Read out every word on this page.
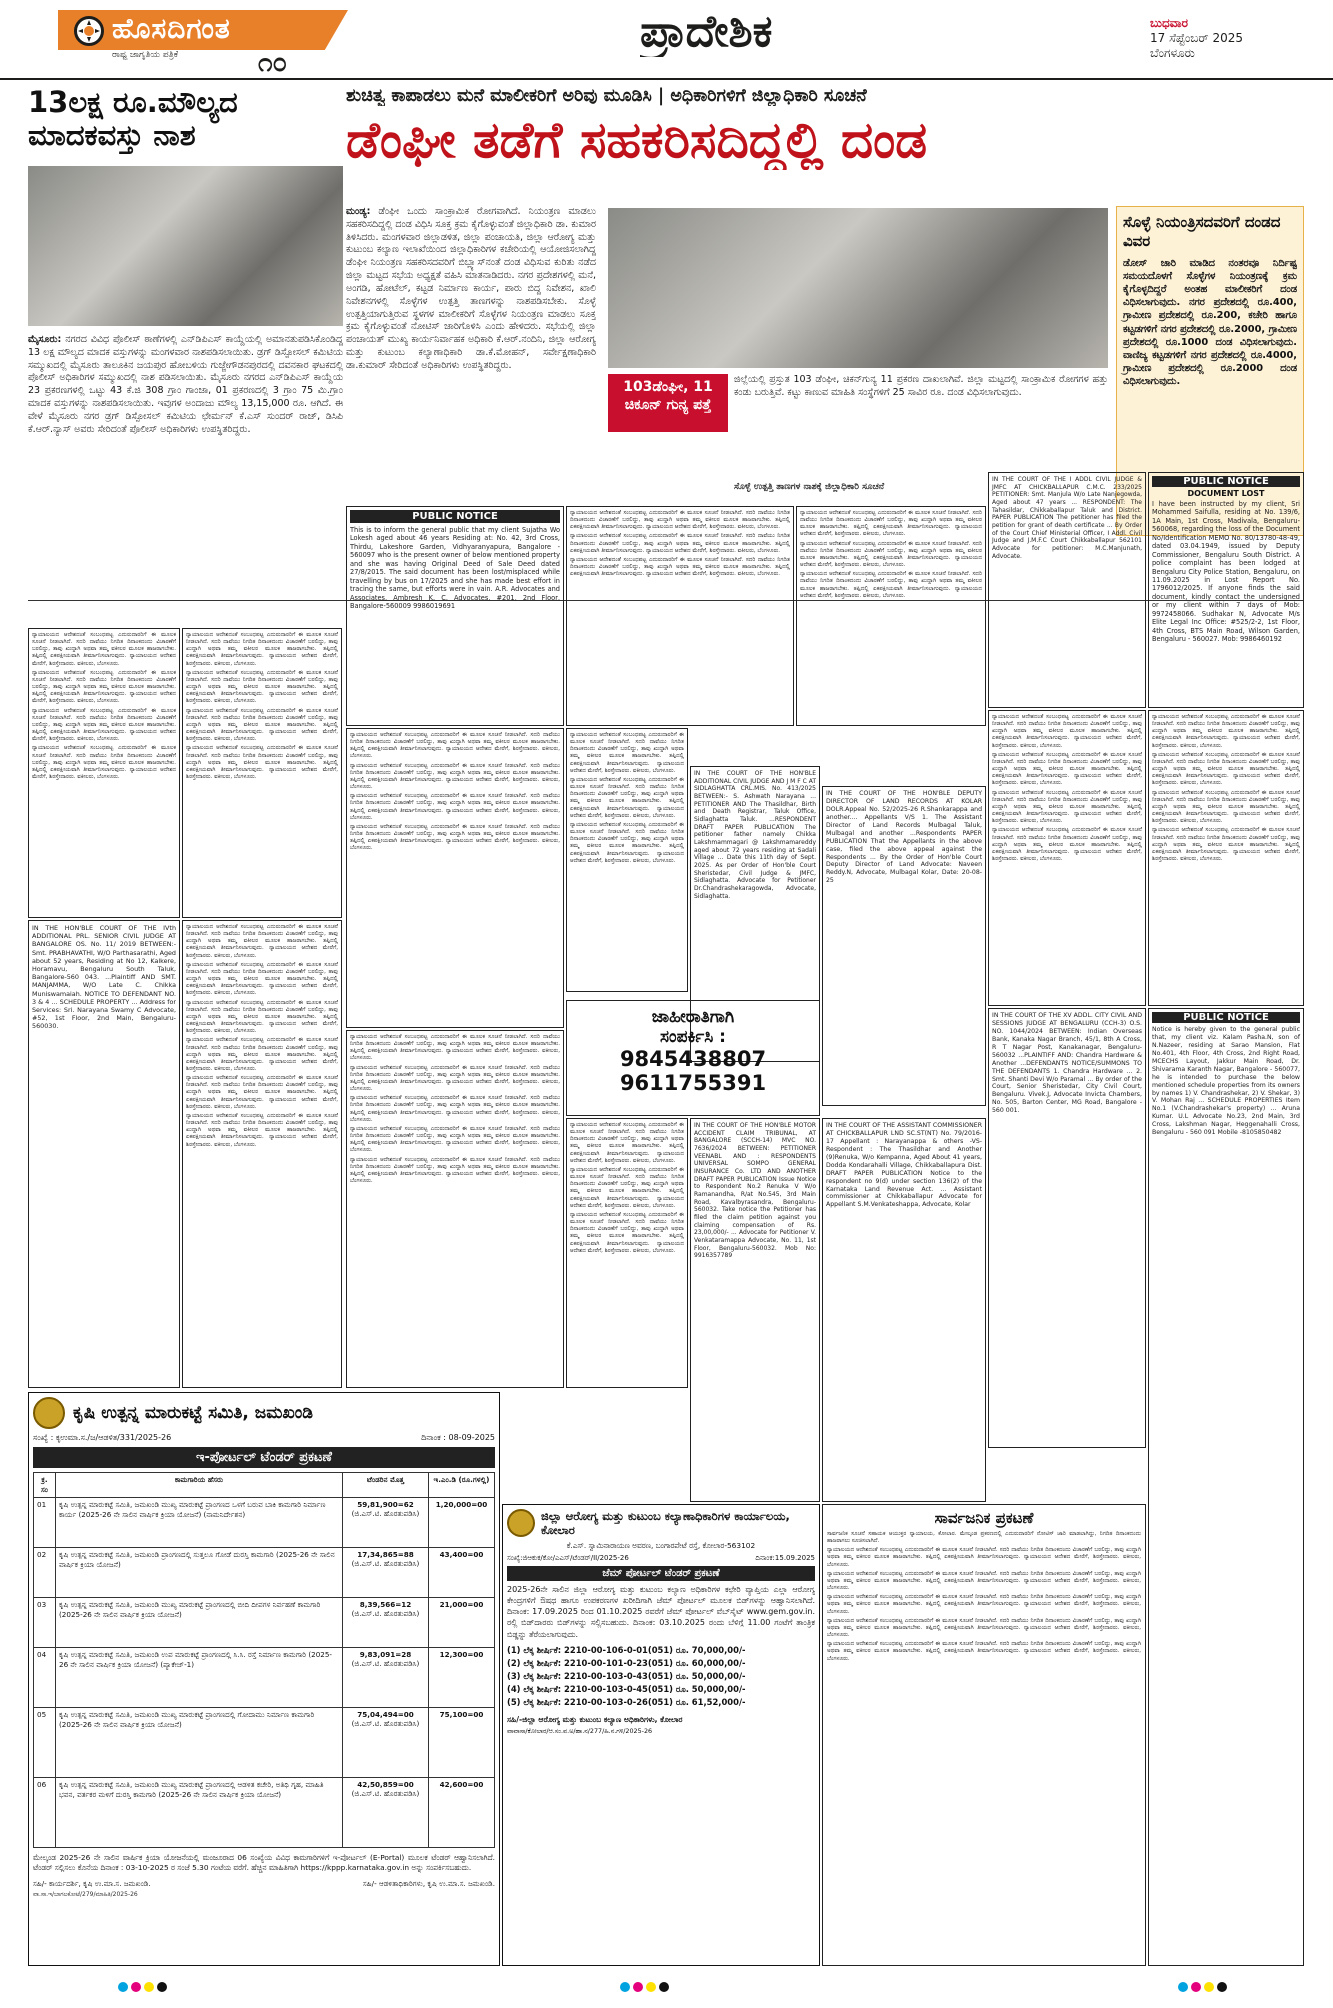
ಹೊಸದಿಗಂತ
ರಾಷ್ಟ್ರ ಜಾಗೃತಿಯ ಪತ್ರಿಕೆ	೧೦
ಪ್ರಾದೇಶಿಕ	ಬುಧವಾರ
17 ಸೆಪ್ಟೆಂಬರ್ 2025
ಬೆಂಗಳೂರು
13ಲಕ್ಷ ರೂ.ಮೌಲ್ಯದ ಮಾದಕವಸ್ತು ನಾಶ
ಮೈಸೂರು: ನಗರದ ವಿವಿಧ ಪೊಲೀಸ್ ಠಾಣೆಗಳಲ್ಲಿ ಎನ್‌ಡಿಪಿಎಸ್ ಕಾಯ್ದೆಯಲ್ಲಿ ಅಮಾನತುಪಡಿಸಿಕೊಂಡಿದ್ದ 13 ಲಕ್ಷ ಮೌಲ್ಯದ ಮಾದಕ ವಸ್ತುಗಳನ್ನು ಮಂಗಳವಾರ ನಾಶಪಡಿಸಲಾಯಿತು. ಡ್ರಗ್ ಡಿಸ್ಪೋಸಲ್ ಕಮಿಟಿಯ ಸಮ್ಮುಖದಲ್ಲಿ ಮೈಸೂರು ತಾಲೂಕಿನ ಜಯಪುರ ಹೋಬಳಿಯ ಗುಜ್ಜೇಗೌಡನಪುರದಲ್ಲಿ ದವನಕಾರ ಘಟಕದಲ್ಲಿ ಪೊಲೀಸ್ ಅಧಿಕಾರಿಗಳ ಸಮ್ಮುಖದಲ್ಲಿ ನಾಶ ಪಡಿಸಲಾಯಿತು. ಮೈಸೂರು ನಗರದ ಎನ್‌ಡಿಪಿಎಸ್ ಕಾಯ್ದೆಯ 23 ಪ್ರಕರಣಗಳಲ್ಲಿ ಒಟ್ಟು 43 ಕೆ.ಜಿ 308 ಗ್ರಾಂ ಗಾಂಜಾ, 01 ಪ್ರಕರಣದಲ್ಲಿ 3 ಗ್ರಾಂ 75 ಮಿ.ಗ್ರಾಂ ಮಾದಕ ವಸ್ತುಗಳನ್ನು ನಾಶಪಡಿಸಲಾಯಿತು. ಇವುಗಳ ಅಂದಾಜು ಮೌಲ್ಯ 13,15,000 ರೂ. ಆಗಿದೆ. ಈ ವೇಳೆ ಮೈಸೂರು ನಗರ ಡ್ರಗ್ ಡಿಸ್ಪೋಸಲ್ ಕಮಿಟಿಯ ಛೇರ್ಮನ್ ಕೆ.ಎಸ್ ಸುಂದರ್ ರಾಜ್, ಡಿಸಿಪಿ ಕೆ.ಆರ್.ನ್ಯಾಸ್ ಅವರು ಸೇರಿದಂತೆ ಪೊಲೀಸ್ ಅಧಿಕಾರಿಗಳು ಉಪಸ್ಥಿತರಿದ್ದರು.
ಶುಚಿತ್ವ ಕಾಪಾಡಲು ಮನೆ ಮಾಲೀಕರಿಗೆ ಅರಿವು ಮೂಡಿಸಿ | ಅಧಿಕಾರಿಗಳಿಗೆ ಜಿಲ್ಲಾಧಿಕಾರಿ ಸೂಚನೆ
ಡೆಂಘೀ ತಡೆಗೆ ಸಹಕರಿಸದಿದ್ದಲ್ಲಿ ದಂಡ
ಮಂಡ್ಯ: ಡೆಂಘೀ ಒಂದು ಸಾಂಕ್ರಾಮಿಕ ರೋಗವಾಗಿದೆ. ನಿಯಂತ್ರಣ ಮಾಡಲು ಸಹಕರಿಸದಿದ್ದಲ್ಲಿ ದಂಡ ವಿಧಿಸಿ ಸೂಕ್ತ ಕ್ರಮ ಕೈಗೊಳ್ಳುವಂತೆ ಜಿಲ್ಲಾಧಿಕಾರಿ ಡಾ. ಕುಮಾರ ತಿಳಿಸಿದರು. ಮಂಗಳವಾರ ಜಿಲ್ಲಾಡಳಿತ, ಜಿಲ್ಲಾ ಪಂಚಾಯತಿ, ಜಿಲ್ಲಾ ಆರೋಗ್ಯ ಮತ್ತು ಕುಟುಂಬ ಕಲ್ಯಾಣ ಇಲಾಖೆಯಿಂದ ಜಿಲ್ಲಾಧಿಕಾರಿಗಳ ಕಚೇರಿಯಲ್ಲಿ ಆಯೋಜಿಸಲಾಗಿದ್ದ ಡೆಂಘೀ ನಿಯಂತ್ರಣ ಸಹಕರಿಸದವರಿಗೆ ಬಿಬ್ಲ್ಯಾಸ್‌ನಂತೆ ದಂಡ ವಿಧಿಸುವ ಕುರಿತು ನಡೆದ ಜಿಲ್ಲಾ ಮಟ್ಟದ ಸಭೆಯ ಅಧ್ಯಕ್ಷತೆ ವಹಿಸಿ ಮಾತನಾಡಿದರು. ನಗರ ಪ್ರದೇಶಗಳಲ್ಲಿ ಮನೆ, ಅಂಗಡಿ, ಹೋಟೆಲ್, ಕಟ್ಟಡ ನಿರ್ಮಾಣ ಕಾರ್ಯ, ಪಾರು ಬಿದ್ದ ನಿವೇಶನ, ಖಾಲಿ ನಿವೇಶನಗಳಲ್ಲಿ ಸೊಳ್ಳೆಗಳ ಉತ್ಪತ್ತಿ ತಾಣಗಳನ್ನು ನಾಶಪಡಿಸಬೇಕು. ಸೊಳ್ಳೆ ಉತ್ಪತ್ತಿಯಾಗುತ್ತಿರುವ ಸ್ಥಳಗಳ ಮಾಲೀಕರಿಗೆ ಸೊಳ್ಳೆಗಳ ನಿಯಂತ್ರಣ ಮಾಡಲು ಸೂಕ್ತ ಕ್ರಮ ಕೈಗೊಳ್ಳುವಂತೆ ನೋಟಿಸ್ ಜಾರಿಗೊಳಿಸಿ ಎಂದು ಹೇಳಿದರು. ಸಭೆಯಲ್ಲಿ ಜಿಲ್ಲಾ ಪಂಚಾಯತ್ ಮುಖ್ಯ ಕಾರ್ಯನಿರ್ವಾಹಕ ಅಧಿಕಾರಿ ಕೆ.ಆರ್.ನಂದಿನಿ, ಜಿಲ್ಲಾ ಆರೋಗ್ಯ ಮತ್ತು ಕುಟುಂಬ ಕಲ್ಯಾಣಾಧಿಕಾರಿ ಡಾ.ಕೆ.ಮೋಹನ್, ಸರ್ವೇಕ್ಷಣಾಧಿಕಾರಿ ಡಾ.ಕುಮಾರ್ ಸೇರಿದಂತೆ ಅಧಿಕಾರಿಗಳು ಉಪಸ್ಥಿತರಿದ್ದರು.
103ಡೆಂಘೀ, 11 ಚಿಕೂನ್ ಗುನ್ಯ ಪತ್ತೆ
ಜಿಲ್ಲೆಯಲ್ಲಿ ಪ್ರಸ್ತುತ 103 ಡೆಂಘೀ, ಚಿಕನ್‌ಗುನ್ಯ 11 ಪ್ರಕರಣ ದಾಖಲಾಗಿವೆ. ಜಿಲ್ಲಾ ಮಟ್ಟದಲ್ಲಿ ಸಾಂಕ್ರಾಮಿಕ ರೋಗಗಳ ಹತ್ತು ಕಂಡು ಬರುತ್ತಿವೆ. ಕಟ್ಟು ಕಾಣುವ ಮಾಹಿತಿ ಸಂಸ್ಥೆಗಳಿಗೆ 25 ಸಾವಿರ ರೂ. ದಂಡ ವಿಧಿಸಲಾಗುವುದು.
ಸೊಳ್ಳೆ ಉತ್ಪತ್ತಿ ತಾಣಗಳ ನಾಶಕ್ಕೆ ಜಿಲ್ಲಾಧಿಕಾರಿ ಸೂಚನೆ
ಸೊಳ್ಳೆ ನಿಯಂತ್ರಿಸದವರಿಗೆ ದಂಡದ ವಿವರ
ಡೋಸ್ ಜಾರಿ ಮಾಡಿದ ನಂತರವೂ ನಿರ್ದಿಷ್ಟ ಸಮಯದೊಳಗೆ ಸೊಳ್ಳೆಗಳ ನಿಯಂತ್ರಣಕ್ಕೆ ಕ್ರಮ ಕೈಗೊಳ್ಳದಿದ್ದರೆ ಅಂತಹ ಮಾಲೀಕರಿಗೆ ದಂಡ ವಿಧಿಸಲಾಗುವುದು. ನಗರ ಪ್ರದೇಶದಲ್ಲಿ ರೂ.400, ಗ್ರಾಮೀಣ ಪ್ರದೇಶದಲ್ಲಿ ರೂ.200, ಕಚೇರಿ ಹಾಗೂ ಕಟ್ಟಡಗಳಿಗೆ ನಗರ ಪ್ರದೇಶದಲ್ಲಿ ರೂ.2000, ಗ್ರಾಮೀಣ ಪ್ರದೇಶದಲ್ಲಿ ರೂ.1000 ದಂಡ ವಿಧಿಸಲಾಗುವುದು. ವಾಣಿಜ್ಯ ಕಟ್ಟಡಗಳಿಗೆ ನಗರ ಪ್ರದೇಶದಲ್ಲಿ ರೂ.4000, ಗ್ರಾಮೀಣ ಪ್ರದೇಶದಲ್ಲಿ ರೂ.2000 ದಂಡ ವಿಧಿಸಲಾಗುವುದು.
PUBLIC NOTICE
This is to inform the general public that my client Sujatha Wo Lokesh aged about 46 years Residing at: No. 42, 3rd Cross, Thirdu, Lakeshore Garden, Vidhyaranyapura, Bangalore - 560097 who is the present owner of below mentioned property and she was having Original Deed of Sale Deed dated 27/8/2015. The said document has been lost/misplaced while travelling by bus on 17/2025 and she has made best effort in tracing the same, but efforts were in vain. A.R. Advocates and Associates, Ambresh K. C. Advocates, #201, 2nd Floor, Bangalore-560009 9986019691

ನ್ಯಾಯಾಲಯದ ಆದೇಶದಂತೆ ಸಂಬಂಧಪಟ್ಟ ಎದುರುದಾರರಿಗೆ ಈ ಮೂಲಕ ಸೂಚನೆ ನೀಡಲಾಗಿದೆ. ಸದರಿ ದಾವೆಯು ನಿಗದಿತ ದಿನಾಂಕದಂದು ವಿಚಾರಣೆಗೆ ಬರಲಿದ್ದು, ತಾವು ಖುದ್ದಾಗಿ ಅಥವಾ ತಮ್ಮ ವಕೀಲರ ಮೂಲಕ ಹಾಜರಾಗಬೇಕು. ತಪ್ಪಿದಲ್ಲಿ ಏಕಪಕ್ಷೀಯವಾಗಿ ತೀರ್ಮಾನಿಸಲಾಗುವುದು. ನ್ಯಾಯಾಲಯದ ಆದೇಶದ ಮೇರೆಗೆ, ಶಿರಸ್ತೇದಾರರು. ವಕೀಲರು, ಬೆಂಗಳೂರು.

ನ್ಯಾಯಾಲಯದ ಆದೇಶದಂತೆ ಸಂಬಂಧಪಟ್ಟ ಎದುರುದಾರರಿಗೆ ಈ ಮೂಲಕ ಸೂಚನೆ ನೀಡಲಾಗಿದೆ. ಸದರಿ ದಾವೆಯು ನಿಗದಿತ ದಿನಾಂಕದಂದು ವಿಚಾರಣೆಗೆ ಬರಲಿದ್ದು, ತಾವು ಖುದ್ದಾಗಿ ಅಥವಾ ತಮ್ಮ ವಕೀಲರ ಮೂಲಕ ಹಾಜರಾಗಬೇಕು. ತಪ್ಪಿದಲ್ಲಿ ಏಕಪಕ್ಷೀಯವಾಗಿ ತೀರ್ಮಾನಿಸಲಾಗುವುದು. ನ್ಯಾಯಾಲಯದ ಆದೇಶದ ಮೇರೆಗೆ, ಶಿರಸ್ತೇದಾರರು. ವಕೀಲರು, ಬೆಂಗಳೂರು.

ನ್ಯಾಯಾಲಯದ ಆದೇಶದಂತೆ ಸಂಬಂಧಪಟ್ಟ ಎದುರುದಾರರಿಗೆ ಈ ಮೂಲಕ ಸೂಚನೆ ನೀಡಲಾಗಿದೆ. ಸದರಿ ದಾವೆಯು ನಿಗದಿತ ದಿನಾಂಕದಂದು ವಿಚಾರಣೆಗೆ ಬರಲಿದ್ದು, ತಾವು ಖುದ್ದಾಗಿ ಅಥವಾ ತಮ್ಮ ವಕೀಲರ ಮೂಲಕ ಹಾಜರಾಗಬೇಕು. ತಪ್ಪಿದಲ್ಲಿ ಏಕಪಕ್ಷೀಯವಾಗಿ ತೀರ್ಮಾನಿಸಲಾಗುವುದು. ನ್ಯಾಯಾಲಯದ ಆದೇಶದ ಮೇರೆಗೆ, ಶಿರಸ್ತೇದಾರರು. ವಕೀಲರು, ಬೆಂಗಳೂರು.

ನ್ಯಾಯಾಲಯದ ಆದೇಶದಂತೆ ಸಂಬಂಧಪಟ್ಟ ಎದುರುದಾರರಿಗೆ ಈ ಮೂಲಕ ಸೂಚನೆ ನೀಡಲಾಗಿದೆ. ಸದರಿ ದಾವೆಯು ನಿಗದಿತ ದಿನಾಂಕದಂದು ವಿಚಾರಣೆಗೆ ಬರಲಿದ್ದು, ತಾವು ಖುದ್ದಾಗಿ ಅಥವಾ ತಮ್ಮ ವಕೀಲರ ಮೂಲಕ ಹಾಜರಾಗಬೇಕು. ತಪ್ಪಿದಲ್ಲಿ ಏಕಪಕ್ಷೀಯವಾಗಿ ತೀರ್ಮಾನಿಸಲಾಗುವುದು. ನ್ಯಾಯಾಲಯದ ಆದೇಶದ ಮೇರೆಗೆ, ಶಿರಸ್ತೇದಾರರು. ವಕೀಲರು, ಬೆಂಗಳೂರು.

ನ್ಯಾಯಾಲಯದ ಆದೇಶದಂತೆ ಸಂಬಂಧಪಟ್ಟ ಎದುರುದಾರರಿಗೆ ಈ ಮೂಲಕ ಸೂಚನೆ ನೀಡಲಾಗಿದೆ. ಸದರಿ ದಾವೆಯು ನಿಗದಿತ ದಿನಾಂಕದಂದು ವಿಚಾರಣೆಗೆ ಬರಲಿದ್ದು, ತಾವು ಖುದ್ದಾಗಿ ಅಥವಾ ತಮ್ಮ ವಕೀಲರ ಮೂಲಕ ಹಾಜರಾಗಬೇಕು. ತಪ್ಪಿದಲ್ಲಿ ಏಕಪಕ್ಷೀಯವಾಗಿ ತೀರ್ಮಾನಿಸಲಾಗುವುದು. ನ್ಯಾಯಾಲಯದ ಆದೇಶದ ಮೇರೆಗೆ, ಶಿರಸ್ತೇದಾರರು. ವಕೀಲರು, ಬೆಂಗಳೂರು.

ನ್ಯಾಯಾಲಯದ ಆದೇಶದಂತೆ ಸಂಬಂಧಪಟ್ಟ ಎದುರುದಾರರಿಗೆ ಈ ಮೂಲಕ ಸೂಚನೆ ನೀಡಲಾಗಿದೆ. ಸದರಿ ದಾವೆಯು ನಿಗದಿತ ದಿನಾಂಕದಂದು ವಿಚಾರಣೆಗೆ ಬರಲಿದ್ದು, ತಾವು ಖುದ್ದಾಗಿ ಅಥವಾ ತಮ್ಮ ವಕೀಲರ ಮೂಲಕ ಹಾಜರಾಗಬೇಕು. ತಪ್ಪಿದಲ್ಲಿ ಏಕಪಕ್ಷೀಯವಾಗಿ ತೀರ್ಮಾನಿಸಲಾಗುವುದು. ನ್ಯಾಯಾಲಯದ ಆದೇಶದ ಮೇರೆಗೆ, ಶಿರಸ್ತೇದಾರರು. ವಕೀಲರು, ಬೆಂಗಳೂರು.

IN THE COURT OF THE I ADDL CIVIL JUDGE & JMFC AT CHICKBALLAPUR C.M.C. 233/2025 PETITIONER: Smt. Manjula W/o Late Nanjegowda, Aged about 47 years ... RESPONDENT: The Tahasildar, Chikkaballapur Taluk and District. PAPER PUBLICATION The petitioner has filed the petition for grant of death certificate ... By Order of the Court Chief Ministerial Officer, I Addl. Civil Judge and J.M.F.C Court Chikkaballapur 562101 Advocate for petitioner: M.C.Manjunath, Advocate.
PUBLIC NOTICE
DOCUMENT LOST
I have been instructed by my client, Sri Mohammed Saifulla, residing at No. 139/6, 1A Main, 1st Cross, Madivala, Bengaluru-560068, regarding the loss of the Document No/Identification MEMO No. 80/13780-48-49, dated 03.04.1949, issued by Deputy Commissioner, Bengaluru South District. A police complaint has been lodged at Bengaluru City Police Station, Bengaluru, on 11.09.2025 in Lost Report No. 1796012/2025. If anyone finds the said document, kindly contact the undersigned or my client within 7 days of Mob: 9972458066. Sudhakar N, Advocate M/s Elite Legal Inc Office: #525/2-2, 1st Floor, 4th Cross, BTS Main Road, Wilson Garden, Bengaluru - 560027. Mob: 9986460192

ನ್ಯಾಯಾಲಯದ ಆದೇಶದಂತೆ ಸಂಬಂಧಪಟ್ಟ ಎದುರುದಾರರಿಗೆ ಈ ಮೂಲಕ ಸೂಚನೆ ನೀಡಲಾಗಿದೆ. ಸದರಿ ದಾವೆಯು ನಿಗದಿತ ದಿನಾಂಕದಂದು ವಿಚಾರಣೆಗೆ ಬರಲಿದ್ದು, ತಾವು ಖುದ್ದಾಗಿ ಅಥವಾ ತಮ್ಮ ವಕೀಲರ ಮೂಲಕ ಹಾಜರಾಗಬೇಕು. ತಪ್ಪಿದಲ್ಲಿ ಏಕಪಕ್ಷೀಯವಾಗಿ ತೀರ್ಮಾನಿಸಲಾಗುವುದು. ನ್ಯಾಯಾಲಯದ ಆದೇಶದ ಮೇರೆಗೆ, ಶಿರಸ್ತೇದಾರರು. ವಕೀಲರು, ಬೆಂಗಳೂರು.

ನ್ಯಾಯಾಲಯದ ಆದೇಶದಂತೆ ಸಂಬಂಧಪಟ್ಟ ಎದುರುದಾರರಿಗೆ ಈ ಮೂಲಕ ಸೂಚನೆ ನೀಡಲಾಗಿದೆ. ಸದರಿ ದಾವೆಯು ನಿಗದಿತ ದಿನಾಂಕದಂದು ವಿಚಾರಣೆಗೆ ಬರಲಿದ್ದು, ತಾವು ಖುದ್ದಾಗಿ ಅಥವಾ ತಮ್ಮ ವಕೀಲರ ಮೂಲಕ ಹಾಜರಾಗಬೇಕು. ತಪ್ಪಿದಲ್ಲಿ ಏಕಪಕ್ಷೀಯವಾಗಿ ತೀರ್ಮಾನಿಸಲಾಗುವುದು. ನ್ಯಾಯಾಲಯದ ಆದೇಶದ ಮೇರೆಗೆ, ಶಿರಸ್ತೇದಾರರು. ವಕೀಲರು, ಬೆಂಗಳೂರು.

ನ್ಯಾಯಾಲಯದ ಆದೇಶದಂತೆ ಸಂಬಂಧಪಟ್ಟ ಎದುರುದಾರರಿಗೆ ಈ ಮೂಲಕ ಸೂಚನೆ ನೀಡಲಾಗಿದೆ. ಸದರಿ ದಾವೆಯು ನಿಗದಿತ ದಿನಾಂಕದಂದು ವಿಚಾರಣೆಗೆ ಬರಲಿದ್ದು, ತಾವು ಖುದ್ದಾಗಿ ಅಥವಾ ತಮ್ಮ ವಕೀಲರ ಮೂಲಕ ಹಾಜರಾಗಬೇಕು. ತಪ್ಪಿದಲ್ಲಿ ಏಕಪಕ್ಷೀಯವಾಗಿ ತೀರ್ಮಾನಿಸಲಾಗುವುದು. ನ್ಯಾಯಾಲಯದ ಆದೇಶದ ಮೇರೆಗೆ, ಶಿರಸ್ತೇದಾರರು. ವಕೀಲರು, ಬೆಂಗಳೂರು.

ನ್ಯಾಯಾಲಯದ ಆದೇಶದಂತೆ ಸಂಬಂಧಪಟ್ಟ ಎದುರುದಾರರಿಗೆ ಈ ಮೂಲಕ ಸೂಚನೆ ನೀಡಲಾಗಿದೆ. ಸದರಿ ದಾವೆಯು ನಿಗದಿತ ದಿನಾಂಕದಂದು ವಿಚಾರಣೆಗೆ ಬರಲಿದ್ದು, ತಾವು ಖುದ್ದಾಗಿ ಅಥವಾ ತಮ್ಮ ವಕೀಲರ ಮೂಲಕ ಹಾಜರಾಗಬೇಕು. ತಪ್ಪಿದಲ್ಲಿ ಏಕಪಕ್ಷೀಯವಾಗಿ ತೀರ್ಮಾನಿಸಲಾಗುವುದು. ನ್ಯಾಯಾಲಯದ ಆದೇಶದ ಮೇರೆಗೆ, ಶಿರಸ್ತೇದಾರರು. ವಕೀಲರು, ಬೆಂಗಳೂರು.

ನ್ಯಾಯಾಲಯದ ಆದೇಶದಂತೆ ಸಂಬಂಧಪಟ್ಟ ಎದುರುದಾರರಿಗೆ ಈ ಮೂಲಕ ಸೂಚನೆ ನೀಡಲಾಗಿದೆ. ಸದರಿ ದಾವೆಯು ನಿಗದಿತ ದಿನಾಂಕದಂದು ವಿಚಾರಣೆಗೆ ಬರಲಿದ್ದು, ತಾವು ಖುದ್ದಾಗಿ ಅಥವಾ ತಮ್ಮ ವಕೀಲರ ಮೂಲಕ ಹಾಜರಾಗಬೇಕು. ತಪ್ಪಿದಲ್ಲಿ ಏಕಪಕ್ಷೀಯವಾಗಿ ತೀರ್ಮಾನಿಸಲಾಗುವುದು. ನ್ಯಾಯಾಲಯದ ಆದೇಶದ ಮೇರೆಗೆ, ಶಿರಸ್ತೇದಾರರು. ವಕೀಲರು, ಬೆಂಗಳೂರು.

ನ್ಯಾಯಾಲಯದ ಆದೇಶದಂತೆ ಸಂಬಂಧಪಟ್ಟ ಎದುರುದಾರರಿಗೆ ಈ ಮೂಲಕ ಸೂಚನೆ ನೀಡಲಾಗಿದೆ. ಸದರಿ ದಾವೆಯು ನಿಗದಿತ ದಿನಾಂಕದಂದು ವಿಚಾರಣೆಗೆ ಬರಲಿದ್ದು, ತಾವು ಖುದ್ದಾಗಿ ಅಥವಾ ತಮ್ಮ ವಕೀಲರ ಮೂಲಕ ಹಾಜರಾಗಬೇಕು. ತಪ್ಪಿದಲ್ಲಿ ಏಕಪಕ್ಷೀಯವಾಗಿ ತೀರ್ಮಾನಿಸಲಾಗುವುದು. ನ್ಯಾಯಾಲಯದ ಆದೇಶದ ಮೇರೆಗೆ, ಶಿರಸ್ತೇದಾರರು. ವಕೀಲರು, ಬೆಂಗಳೂರು.

ನ್ಯಾಯಾಲಯದ ಆದೇಶದಂತೆ ಸಂಬಂಧಪಟ್ಟ ಎದುರುದಾರರಿಗೆ ಈ ಮೂಲಕ ಸೂಚನೆ ನೀಡಲಾಗಿದೆ. ಸದರಿ ದಾವೆಯು ನಿಗದಿತ ದಿನಾಂಕದಂದು ವಿಚಾರಣೆಗೆ ಬರಲಿದ್ದು, ತಾವು ಖುದ್ದಾಗಿ ಅಥವಾ ತಮ್ಮ ವಕೀಲರ ಮೂಲಕ ಹಾಜರಾಗಬೇಕು. ತಪ್ಪಿದಲ್ಲಿ ಏಕಪಕ್ಷೀಯವಾಗಿ ತೀರ್ಮಾನಿಸಲಾಗುವುದು. ನ್ಯಾಯಾಲಯದ ಆದೇಶದ ಮೇರೆಗೆ, ಶಿರಸ್ತೇದಾರರು. ವಕೀಲರು, ಬೆಂಗಳೂರು.

ನ್ಯಾಯಾಲಯದ ಆದೇಶದಂತೆ ಸಂಬಂಧಪಟ್ಟ ಎದುರುದಾರರಿಗೆ ಈ ಮೂಲಕ ಸೂಚನೆ ನೀಡಲಾಗಿದೆ. ಸದರಿ ದಾವೆಯು ನಿಗದಿತ ದಿನಾಂಕದಂದು ವಿಚಾರಣೆಗೆ ಬರಲಿದ್ದು, ತಾವು ಖುದ್ದಾಗಿ ಅಥವಾ ತಮ್ಮ ವಕೀಲರ ಮೂಲಕ ಹಾಜರಾಗಬೇಕು. ತಪ್ಪಿದಲ್ಲಿ ಏಕಪಕ್ಷೀಯವಾಗಿ ತೀರ್ಮಾನಿಸಲಾಗುವುದು. ನ್ಯಾಯಾಲಯದ ಆದೇಶದ ಮೇರೆಗೆ, ಶಿರಸ್ತೇದಾರರು. ವಕೀಲರು, ಬೆಂಗಳೂರು.

IN THE HON'BLE COURT OF THE IVth ADDITIONAL PRL. SENIOR CIVIL JUDGE AT BANGALORE OS. No. 11/ 2019 BETWEEN:- Smt. PRABHAVATHI, W/O Parthasarathi, Aged about 52 years, Residing at No 12, Kalkere, Horamavu, Bengaluru South Taluk, Bangalore-560 043. ...Plaintiff AND SMT. MANJAMMA, W/O Late C. Chikka Muniswamaiah. NOTICE TO DEFENDANT NO. 3 & 4 ... SCHEDULE PROPERTY ... Address for Services: Sri. Narayana Swamy C Advocate, #52, 1st Floor, 2nd Main, Bengaluru-560030.

ನ್ಯಾಯಾಲಯದ ಆದೇಶದಂತೆ ಸಂಬಂಧಪಟ್ಟ ಎದುರುದಾರರಿಗೆ ಈ ಮೂಲಕ ಸೂಚನೆ ನೀಡಲಾಗಿದೆ. ಸದರಿ ದಾವೆಯು ನಿಗದಿತ ದಿನಾಂಕದಂದು ವಿಚಾರಣೆಗೆ ಬರಲಿದ್ದು, ತಾವು ಖುದ್ದಾಗಿ ಅಥವಾ ತಮ್ಮ ವಕೀಲರ ಮೂಲಕ ಹಾಜರಾಗಬೇಕು. ತಪ್ಪಿದಲ್ಲಿ ಏಕಪಕ್ಷೀಯವಾಗಿ ತೀರ್ಮಾನಿಸಲಾಗುವುದು. ನ್ಯಾಯಾಲಯದ ಆದೇಶದ ಮೇರೆಗೆ, ಶಿರಸ್ತೇದಾರರು. ವಕೀಲರು, ಬೆಂಗಳೂರು.

ನ್ಯಾಯಾಲಯದ ಆದೇಶದಂತೆ ಸಂಬಂಧಪಟ್ಟ ಎದುರುದಾರರಿಗೆ ಈ ಮೂಲಕ ಸೂಚನೆ ನೀಡಲಾಗಿದೆ. ಸದರಿ ದಾವೆಯು ನಿಗದಿತ ದಿನಾಂಕದಂದು ವಿಚಾರಣೆಗೆ ಬರಲಿದ್ದು, ತಾವು ಖುದ್ದಾಗಿ ಅಥವಾ ತಮ್ಮ ವಕೀಲರ ಮೂಲಕ ಹಾಜರಾಗಬೇಕು. ತಪ್ಪಿದಲ್ಲಿ ಏಕಪಕ್ಷೀಯವಾಗಿ ತೀರ್ಮಾನಿಸಲಾಗುವುದು. ನ್ಯಾಯಾಲಯದ ಆದೇಶದ ಮೇರೆಗೆ, ಶಿರಸ್ತೇದಾರರು. ವಕೀಲರು, ಬೆಂಗಳೂರು.

ನ್ಯಾಯಾಲಯದ ಆದೇಶದಂತೆ ಸಂಬಂಧಪಟ್ಟ ಎದುರುದಾರರಿಗೆ ಈ ಮೂಲಕ ಸೂಚನೆ ನೀಡಲಾಗಿದೆ. ಸದರಿ ದಾವೆಯು ನಿಗದಿತ ದಿನಾಂಕದಂದು ವಿಚಾರಣೆಗೆ ಬರಲಿದ್ದು, ತಾವು ಖುದ್ದಾಗಿ ಅಥವಾ ತಮ್ಮ ವಕೀಲರ ಮೂಲಕ ಹಾಜರಾಗಬೇಕು. ತಪ್ಪಿದಲ್ಲಿ ಏಕಪಕ್ಷೀಯವಾಗಿ ತೀರ್ಮಾನಿಸಲಾಗುವುದು. ನ್ಯಾಯಾಲಯದ ಆದೇಶದ ಮೇರೆಗೆ, ಶಿರಸ್ತೇದಾರರು. ವಕೀಲರು, ಬೆಂಗಳೂರು.

ನ್ಯಾಯಾಲಯದ ಆದೇಶದಂತೆ ಸಂಬಂಧಪಟ್ಟ ಎದುರುದಾರರಿಗೆ ಈ ಮೂಲಕ ಸೂಚನೆ ನೀಡಲಾಗಿದೆ. ಸದರಿ ದಾವೆಯು ನಿಗದಿತ ದಿನಾಂಕದಂದು ವಿಚಾರಣೆಗೆ ಬರಲಿದ್ದು, ತಾವು ಖುದ್ದಾಗಿ ಅಥವಾ ತಮ್ಮ ವಕೀಲರ ಮೂಲಕ ಹಾಜರಾಗಬೇಕು. ತಪ್ಪಿದಲ್ಲಿ ಏಕಪಕ್ಷೀಯವಾಗಿ ತೀರ್ಮಾನಿಸಲಾಗುವುದು. ನ್ಯಾಯಾಲಯದ ಆದೇಶದ ಮೇರೆಗೆ, ಶಿರಸ್ತೇದಾರರು. ವಕೀಲರು, ಬೆಂಗಳೂರು.

ನ್ಯಾಯಾಲಯದ ಆದೇಶದಂತೆ ಸಂಬಂಧಪಟ್ಟ ಎದುರುದಾರರಿಗೆ ಈ ಮೂಲಕ ಸೂಚನೆ ನೀಡಲಾಗಿದೆ. ಸದರಿ ದಾವೆಯು ನಿಗದಿತ ದಿನಾಂಕದಂದು ವಿಚಾರಣೆಗೆ ಬರಲಿದ್ದು, ತಾವು ಖುದ್ದಾಗಿ ಅಥವಾ ತಮ್ಮ ವಕೀಲರ ಮೂಲಕ ಹಾಜರಾಗಬೇಕು. ತಪ್ಪಿದಲ್ಲಿ ಏಕಪಕ್ಷೀಯವಾಗಿ ತೀರ್ಮಾನಿಸಲಾಗುವುದು. ನ್ಯಾಯಾಲಯದ ಆದೇಶದ ಮೇರೆಗೆ, ಶಿರಸ್ತೇದಾರರು. ವಕೀಲರು, ಬೆಂಗಳೂರು.

ನ್ಯಾಯಾಲಯದ ಆದೇಶದಂತೆ ಸಂಬಂಧಪಟ್ಟ ಎದುರುದಾರರಿಗೆ ಈ ಮೂಲಕ ಸೂಚನೆ ನೀಡಲಾಗಿದೆ. ಸದರಿ ದಾವೆಯು ನಿಗದಿತ ದಿನಾಂಕದಂದು ವಿಚಾರಣೆಗೆ ಬರಲಿದ್ದು, ತಾವು ಖುದ್ದಾಗಿ ಅಥವಾ ತಮ್ಮ ವಕೀಲರ ಮೂಲಕ ಹಾಜರಾಗಬೇಕು. ತಪ್ಪಿದಲ್ಲಿ ಏಕಪಕ್ಷೀಯವಾಗಿ ತೀರ್ಮಾನಿಸಲಾಗುವುದು. ನ್ಯಾಯಾಲಯದ ಆದೇಶದ ಮೇರೆಗೆ, ಶಿರಸ್ತೇದಾರರು. ವಕೀಲರು, ಬೆಂಗಳೂರು.

ನ್ಯಾಯಾಲಯದ ಆದೇಶದಂತೆ ಸಂಬಂಧಪಟ್ಟ ಎದುರುದಾರರಿಗೆ ಈ ಮೂಲಕ ಸೂಚನೆ ನೀಡಲಾಗಿದೆ. ಸದರಿ ದಾವೆಯು ನಿಗದಿತ ದಿನಾಂಕದಂದು ವಿಚಾರಣೆಗೆ ಬರಲಿದ್ದು, ತಾವು ಖುದ್ದಾಗಿ ಅಥವಾ ತಮ್ಮ ವಕೀಲರ ಮೂಲಕ ಹಾಜರಾಗಬೇಕು. ತಪ್ಪಿದಲ್ಲಿ ಏಕಪಕ್ಷೀಯವಾಗಿ ತೀರ್ಮಾನಿಸಲಾಗುವುದು. ನ್ಯಾಯಾಲಯದ ಆದೇಶದ ಮೇರೆಗೆ, ಶಿರಸ್ತೇದಾರರು. ವಕೀಲರು, ಬೆಂಗಳೂರು.

ನ್ಯಾಯಾಲಯದ ಆದೇಶದಂತೆ ಸಂಬಂಧಪಟ್ಟ ಎದುರುದಾರರಿಗೆ ಈ ಮೂಲಕ ಸೂಚನೆ ನೀಡಲಾಗಿದೆ. ಸದರಿ ದಾವೆಯು ನಿಗದಿತ ದಿನಾಂಕದಂದು ವಿಚಾರಣೆಗೆ ಬರಲಿದ್ದು, ತಾವು ಖುದ್ದಾಗಿ ಅಥವಾ ತಮ್ಮ ವಕೀಲರ ಮೂಲಕ ಹಾಜರಾಗಬೇಕು. ತಪ್ಪಿದಲ್ಲಿ ಏಕಪಕ್ಷೀಯವಾಗಿ ತೀರ್ಮಾನಿಸಲಾಗುವುದು. ನ್ಯಾಯಾಲಯದ ಆದೇಶದ ಮೇರೆಗೆ, ಶಿರಸ್ತೇದಾರರು. ವಕೀಲರು, ಬೆಂಗಳೂರು.

ನ್ಯಾಯಾಲಯದ ಆದೇಶದಂತೆ ಸಂಬಂಧಪಟ್ಟ ಎದುರುದಾರರಿಗೆ ಈ ಮೂಲಕ ಸೂಚನೆ ನೀಡಲಾಗಿದೆ. ಸದರಿ ದಾವೆಯು ನಿಗದಿತ ದಿನಾಂಕದಂದು ವಿಚಾರಣೆಗೆ ಬರಲಿದ್ದು, ತಾವು ಖುದ್ದಾಗಿ ಅಥವಾ ತಮ್ಮ ವಕೀಲರ ಮೂಲಕ ಹಾಜರಾಗಬೇಕು. ತಪ್ಪಿದಲ್ಲಿ ಏಕಪಕ್ಷೀಯವಾಗಿ ತೀರ್ಮಾನಿಸಲಾಗುವುದು. ನ್ಯಾಯಾಲಯದ ಆದೇಶದ ಮೇರೆಗೆ, ಶಿರಸ್ತೇದಾರರು. ವಕೀಲರು, ಬೆಂಗಳೂರು.

ನ್ಯಾಯಾಲಯದ ಆದೇಶದಂತೆ ಸಂಬಂಧಪಟ್ಟ ಎದುರುದಾರರಿಗೆ ಈ ಮೂಲಕ ಸೂಚನೆ ನೀಡಲಾಗಿದೆ. ಸದರಿ ದಾವೆಯು ನಿಗದಿತ ದಿನಾಂಕದಂದು ವಿಚಾರಣೆಗೆ ಬರಲಿದ್ದು, ತಾವು ಖುದ್ದಾಗಿ ಅಥವಾ ತಮ್ಮ ವಕೀಲರ ಮೂಲಕ ಹಾಜರಾಗಬೇಕು. ತಪ್ಪಿದಲ್ಲಿ ಏಕಪಕ್ಷೀಯವಾಗಿ ತೀರ್ಮಾನಿಸಲಾಗುವುದು. ನ್ಯಾಯಾಲಯದ ಆದೇಶದ ಮೇರೆಗೆ, ಶಿರಸ್ತೇದಾರರು. ವಕೀಲರು, ಬೆಂಗಳೂರು.

ನ್ಯಾಯಾಲಯದ ಆದೇಶದಂತೆ ಸಂಬಂಧಪಟ್ಟ ಎದುರುದಾರರಿಗೆ ಈ ಮೂಲಕ ಸೂಚನೆ ನೀಡಲಾಗಿದೆ. ಸದರಿ ದಾವೆಯು ನಿಗದಿತ ದಿನಾಂಕದಂದು ವಿಚಾರಣೆಗೆ ಬರಲಿದ್ದು, ತಾವು ಖುದ್ದಾಗಿ ಅಥವಾ ತಮ್ಮ ವಕೀಲರ ಮೂಲಕ ಹಾಜರಾಗಬೇಕು. ತಪ್ಪಿದಲ್ಲಿ ಏಕಪಕ್ಷೀಯವಾಗಿ ತೀರ್ಮಾನಿಸಲಾಗುವುದು. ನ್ಯಾಯಾಲಯದ ಆದೇಶದ ಮೇರೆಗೆ, ಶಿರಸ್ತೇದಾರರು. ವಕೀಲರು, ಬೆಂಗಳೂರು.

ನ್ಯಾಯಾಲಯದ ಆದೇಶದಂತೆ ಸಂಬಂಧಪಟ್ಟ ಎದುರುದಾರರಿಗೆ ಈ ಮೂಲಕ ಸೂಚನೆ ನೀಡಲಾಗಿದೆ. ಸದರಿ ದಾವೆಯು ನಿಗದಿತ ದಿನಾಂಕದಂದು ವಿಚಾರಣೆಗೆ ಬರಲಿದ್ದು, ತಾವು ಖುದ್ದಾಗಿ ಅಥವಾ ತಮ್ಮ ವಕೀಲರ ಮೂಲಕ ಹಾಜರಾಗಬೇಕು. ತಪ್ಪಿದಲ್ಲಿ ಏಕಪಕ್ಷೀಯವಾಗಿ ತೀರ್ಮಾನಿಸಲಾಗುವುದು. ನ್ಯಾಯಾಲಯದ ಆದೇಶದ ಮೇರೆಗೆ, ಶಿರಸ್ತೇದಾರರು. ವಕೀಲರು, ಬೆಂಗಳೂರು.

ನ್ಯಾಯಾಲಯದ ಆದೇಶದಂತೆ ಸಂಬಂಧಪಟ್ಟ ಎದುರುದಾರರಿಗೆ ಈ ಮೂಲಕ ಸೂಚನೆ ನೀಡಲಾಗಿದೆ. ಸದರಿ ದಾವೆಯು ನಿಗದಿತ ದಿನಾಂಕದಂದು ವಿಚಾರಣೆಗೆ ಬರಲಿದ್ದು, ತಾವು ಖುದ್ದಾಗಿ ಅಥವಾ ತಮ್ಮ ವಕೀಲರ ಮೂಲಕ ಹಾಜರಾಗಬೇಕು. ತಪ್ಪಿದಲ್ಲಿ ಏಕಪಕ್ಷೀಯವಾಗಿ ತೀರ್ಮಾನಿಸಲಾಗುವುದು. ನ್ಯಾಯಾಲಯದ ಆದೇಶದ ಮೇರೆಗೆ, ಶಿರಸ್ತೇದಾರರು. ವಕೀಲರು, ಬೆಂಗಳೂರು.

ನ್ಯಾಯಾಲಯದ ಆದೇಶದಂತೆ ಸಂಬಂಧಪಟ್ಟ ಎದುರುದಾರರಿಗೆ ಈ ಮೂಲಕ ಸೂಚನೆ ನೀಡಲಾಗಿದೆ. ಸದರಿ ದಾವೆಯು ನಿಗದಿತ ದಿನಾಂಕದಂದು ವಿಚಾರಣೆಗೆ ಬರಲಿದ್ದು, ತಾವು ಖುದ್ದಾಗಿ ಅಥವಾ ತಮ್ಮ ವಕೀಲರ ಮೂಲಕ ಹಾಜರಾಗಬೇಕು. ತಪ್ಪಿದಲ್ಲಿ ಏಕಪಕ್ಷೀಯವಾಗಿ ತೀರ್ಮಾನಿಸಲಾಗುವುದು. ನ್ಯಾಯಾಲಯದ ಆದೇಶದ ಮೇರೆಗೆ, ಶಿರಸ್ತೇದಾರರು. ವಕೀಲರು, ಬೆಂಗಳೂರು.

ನ್ಯಾಯಾಲಯದ ಆದೇಶದಂತೆ ಸಂಬಂಧಪಟ್ಟ ಎದುರುದಾರರಿಗೆ ಈ ಮೂಲಕ ಸೂಚನೆ ನೀಡಲಾಗಿದೆ. ಸದರಿ ದಾವೆಯು ನಿಗದಿತ ದಿನಾಂಕದಂದು ವಿಚಾರಣೆಗೆ ಬರಲಿದ್ದು, ತಾವು ಖುದ್ದಾಗಿ ಅಥವಾ ತಮ್ಮ ವಕೀಲರ ಮೂಲಕ ಹಾಜರಾಗಬೇಕು. ತಪ್ಪಿದಲ್ಲಿ ಏಕಪಕ್ಷೀಯವಾಗಿ ತೀರ್ಮಾನಿಸಲಾಗುವುದು. ನ್ಯಾಯಾಲಯದ ಆದೇಶದ ಮೇರೆಗೆ, ಶಿರಸ್ತೇದಾರರು. ವಕೀಲರು, ಬೆಂಗಳೂರು.

ನ್ಯಾಯಾಲಯದ ಆದೇಶದಂತೆ ಸಂಬಂಧಪಟ್ಟ ಎದುರುದಾರರಿಗೆ ಈ ಮೂಲಕ ಸೂಚನೆ ನೀಡಲಾಗಿದೆ. ಸದರಿ ದಾವೆಯು ನಿಗದಿತ ದಿನಾಂಕದಂದು ವಿಚಾರಣೆಗೆ ಬರಲಿದ್ದು, ತಾವು ಖುದ್ದಾಗಿ ಅಥವಾ ತಮ್ಮ ವಕೀಲರ ಮೂಲಕ ಹಾಜರಾಗಬೇಕು. ತಪ್ಪಿದಲ್ಲಿ ಏಕಪಕ್ಷೀಯವಾಗಿ ತೀರ್ಮಾನಿಸಲಾಗುವುದು. ನ್ಯಾಯಾಲಯದ ಆದೇಶದ ಮೇರೆಗೆ, ಶಿರಸ್ತೇದಾರರು. ವಕೀಲರು, ಬೆಂಗಳೂರು.

ನ್ಯಾಯಾಲಯದ ಆದೇಶದಂತೆ ಸಂಬಂಧಪಟ್ಟ ಎದುರುದಾರರಿಗೆ ಈ ಮೂಲಕ ಸೂಚನೆ ನೀಡಲಾಗಿದೆ. ಸದರಿ ದಾವೆಯು ನಿಗದಿತ ದಿನಾಂಕದಂದು ವಿಚಾರಣೆಗೆ ಬರಲಿದ್ದು, ತಾವು ಖುದ್ದಾಗಿ ಅಥವಾ ತಮ್ಮ ವಕೀಲರ ಮೂಲಕ ಹಾಜರಾಗಬೇಕು. ತಪ್ಪಿದಲ್ಲಿ ಏಕಪಕ್ಷೀಯವಾಗಿ ತೀರ್ಮಾನಿಸಲಾಗುವುದು. ನ್ಯಾಯಾಲಯದ ಆದೇಶದ ಮೇರೆಗೆ, ಶಿರಸ್ತೇದಾರರು. ವಕೀಲರು, ಬೆಂಗಳೂರು.

ನ್ಯಾಯಾಲಯದ ಆದೇಶದಂತೆ ಸಂಬಂಧಪಟ್ಟ ಎದುರುದಾರರಿಗೆ ಈ ಮೂಲಕ ಸೂಚನೆ ನೀಡಲಾಗಿದೆ. ಸದರಿ ದಾವೆಯು ನಿಗದಿತ ದಿನಾಂಕದಂದು ವಿಚಾರಣೆಗೆ ಬರಲಿದ್ದು, ತಾವು ಖುದ್ದಾಗಿ ಅಥವಾ ತಮ್ಮ ವಕೀಲರ ಮೂಲಕ ಹಾಜರಾಗಬೇಕು. ತಪ್ಪಿದಲ್ಲಿ ಏಕಪಕ್ಷೀಯವಾಗಿ ತೀರ್ಮಾನಿಸಲಾಗುವುದು. ನ್ಯಾಯಾಲಯದ ಆದೇಶದ ಮೇರೆಗೆ, ಶಿರಸ್ತೇದಾರರು. ವಕೀಲರು, ಬೆಂಗಳೂರು.

IN THE COURT OF THE HON'BLE ADDITIONAL CIVIL JUDGE AND J M F C AT SIDLAGHATTA CRL.MIS. No. 413/2025 BETWEEN:- S. Ashwath Narayana ... PETITIONER AND The Thasildhar, Birth and Death Registrar, Taluk Office, Sidlaghatta Taluk. ...RESPONDENT DRAFT PAPER PUBLICATION The petitioner father namely Chikka Lakshmammagari @ Lakshmamareddy aged about 72 years residing at Sadali Village ... Date this 11th day of Sept. 2025. As per Order of Hon'ble Court Sheristedar, Civil Judge & JMFC, Sidlaghatta. Advocate for Petitioner Dr.Chandrashekaragowda, Advocate, Sidlaghatta.
IN THE COURT OF THE HON'BLE DEPUTY DIRECTOR OF LAND RECORDS AT KOLAR DOLR.Appeal No. 52/2025-26 R.Shankarappa and another.... Appellants V/S 1. The Assistant Director of Land Records Mulbagal Taluk, Mulbagal and another ...Respondents PAPER PUBLICATION That the Appellants in the above case, filed the above appeal against the Respondents ... By the Order of Hon'ble Court Deputy Director of Land Advocate: Naveen Reddy.N, Advocate, Mulbagal Kolar, Date: 20-08-25
ಜಾಹೀರಾತಿಗಾಗಿ
ಸಂಪರ್ಕಿಸಿ :
9845438807
9611755391
IN THE COURT OF THE HON'BLE MOTOR ACCIDENT CLAIM TRIBUNAL, AT BANGALORE (SCCH-14) MVC NO. 7636/2024 BETWEEN: PETITIONER VEENABL AND : RESPONDENTS UNIVERSAL SOMPO GENERAL INSURANCE Co. LTD AND ANOTHER DRAFT PAPER PUBLICATION Issue Notice to Respondent No.2 Renuka V W/o Ramanandha, R/at No.545, 3rd Main Road, Kavalbyrasandra, Bengaluru-560032. Take notice the Petitioner has filed the claim petition against you claiming compensation of Rs. 23,00,000/- ... Advocate for Petitioner V. Venkataramappa Advocate, No. 11, 1st Floor, Bengaluru-560032. Mob No: 9916357789
IN THE COURT OF THE ASSISTANT COMMISSIONER AT CHICKBALLAPUR LND SC.ST(NT) No. 79/2016-17 Appellant : Narayanappa & others -VS- Respondent : The Thasildhar and Another (9)Renuka, W/o Kempanna, Aged About 41 years, Dodda Kondarahalli Village, Chikkaballapura Dist. DRAFT PAPER PUBLICATION Notice to the respondent no 9(d) under section 136(2) of the Karnataka Land Revenue Act. ... Assistant commissioner at Chikkaballapur Advocate for Appellant S.M.Venkateshappa, Advocate, Kolar

ನ್ಯಾಯಾಲಯದ ಆದೇಶದಂತೆ ಸಂಬಂಧಪಟ್ಟ ಎದುರುದಾರರಿಗೆ ಈ ಮೂಲಕ ಸೂಚನೆ ನೀಡಲಾಗಿದೆ. ಸದರಿ ದಾವೆಯು ನಿಗದಿತ ದಿನಾಂಕದಂದು ವಿಚಾರಣೆಗೆ ಬರಲಿದ್ದು, ತಾವು ಖುದ್ದಾಗಿ ಅಥವಾ ತಮ್ಮ ವಕೀಲರ ಮೂಲಕ ಹಾಜರಾಗಬೇಕು. ತಪ್ಪಿದಲ್ಲಿ ಏಕಪಕ್ಷೀಯವಾಗಿ ತೀರ್ಮಾನಿಸಲಾಗುವುದು. ನ್ಯಾಯಾಲಯದ ಆದೇಶದ ಮೇರೆಗೆ, ಶಿರಸ್ತೇದಾರರು. ವಕೀಲರು, ಬೆಂಗಳೂರು.

ನ್ಯಾಯಾಲಯದ ಆದೇಶದಂತೆ ಸಂಬಂಧಪಟ್ಟ ಎದುರುದಾರರಿಗೆ ಈ ಮೂಲಕ ಸೂಚನೆ ನೀಡಲಾಗಿದೆ. ಸದರಿ ದಾವೆಯು ನಿಗದಿತ ದಿನಾಂಕದಂದು ವಿಚಾರಣೆಗೆ ಬರಲಿದ್ದು, ತಾವು ಖುದ್ದಾಗಿ ಅಥವಾ ತಮ್ಮ ವಕೀಲರ ಮೂಲಕ ಹಾಜರಾಗಬೇಕು. ತಪ್ಪಿದಲ್ಲಿ ಏಕಪಕ್ಷೀಯವಾಗಿ ತೀರ್ಮಾನಿಸಲಾಗುವುದು. ನ್ಯಾಯಾಲಯದ ಆದೇಶದ ಮೇರೆಗೆ, ಶಿರಸ್ತೇದಾರರು. ವಕೀಲರು, ಬೆಂಗಳೂರು.

ನ್ಯಾಯಾಲಯದ ಆದೇಶದಂತೆ ಸಂಬಂಧಪಟ್ಟ ಎದುರುದಾರರಿಗೆ ಈ ಮೂಲಕ ಸೂಚನೆ ನೀಡಲಾಗಿದೆ. ಸದರಿ ದಾವೆಯು ನಿಗದಿತ ದಿನಾಂಕದಂದು ವಿಚಾರಣೆಗೆ ಬರಲಿದ್ದು, ತಾವು ಖುದ್ದಾಗಿ ಅಥವಾ ತಮ್ಮ ವಕೀಲರ ಮೂಲಕ ಹಾಜರಾಗಬೇಕು. ತಪ್ಪಿದಲ್ಲಿ ಏಕಪಕ್ಷೀಯವಾಗಿ ತೀರ್ಮಾನಿಸಲಾಗುವುದು. ನ್ಯಾಯಾಲಯದ ಆದೇಶದ ಮೇರೆಗೆ, ಶಿರಸ್ತೇದಾರರು. ವಕೀಲರು, ಬೆಂಗಳೂರು.

ನ್ಯಾಯಾಲಯದ ಆದೇಶದಂತೆ ಸಂಬಂಧಪಟ್ಟ ಎದುರುದಾರರಿಗೆ ಈ ಮೂಲಕ ಸೂಚನೆ ನೀಡಲಾಗಿದೆ. ಸದರಿ ದಾವೆಯು ನಿಗದಿತ ದಿನಾಂಕದಂದು ವಿಚಾರಣೆಗೆ ಬರಲಿದ್ದು, ತಾವು ಖುದ್ದಾಗಿ ಅಥವಾ ತಮ್ಮ ವಕೀಲರ ಮೂಲಕ ಹಾಜರಾಗಬೇಕು. ತಪ್ಪಿದಲ್ಲಿ ಏಕಪಕ್ಷೀಯವಾಗಿ ತೀರ್ಮಾನಿಸಲಾಗುವುದು. ನ್ಯಾಯಾಲಯದ ಆದೇಶದ ಮೇರೆಗೆ, ಶಿರಸ್ತೇದಾರರು. ವಕೀಲರು, ಬೆಂಗಳೂರು.

ನ್ಯಾಯಾಲಯದ ಆದೇಶದಂತೆ ಸಂಬಂಧಪಟ್ಟ ಎದುರುದಾರರಿಗೆ ಈ ಮೂಲಕ ಸೂಚನೆ ನೀಡಲಾಗಿದೆ. ಸದರಿ ದಾವೆಯು ನಿಗದಿತ ದಿನಾಂಕದಂದು ವಿಚಾರಣೆಗೆ ಬರಲಿದ್ದು, ತಾವು ಖುದ್ದಾಗಿ ಅಥವಾ ತಮ್ಮ ವಕೀಲರ ಮೂಲಕ ಹಾಜರಾಗಬೇಕು. ತಪ್ಪಿದಲ್ಲಿ ಏಕಪಕ್ಷೀಯವಾಗಿ ತೀರ್ಮಾನಿಸಲಾಗುವುದು. ನ್ಯಾಯಾಲಯದ ಆದೇಶದ ಮೇರೆಗೆ, ಶಿರಸ್ತೇದಾರರು. ವಕೀಲರು, ಬೆಂಗಳೂರು.

ನ್ಯಾಯಾಲಯದ ಆದೇಶದಂತೆ ಸಂಬಂಧಪಟ್ಟ ಎದುರುದಾರರಿಗೆ ಈ ಮೂಲಕ ಸೂಚನೆ ನೀಡಲಾಗಿದೆ. ಸದರಿ ದಾವೆಯು ನಿಗದಿತ ದಿನಾಂಕದಂದು ವಿಚಾರಣೆಗೆ ಬರಲಿದ್ದು, ತಾವು ಖುದ್ದಾಗಿ ಅಥವಾ ತಮ್ಮ ವಕೀಲರ ಮೂಲಕ ಹಾಜರಾಗಬೇಕು. ತಪ್ಪಿದಲ್ಲಿ ಏಕಪಕ್ಷೀಯವಾಗಿ ತೀರ್ಮಾನಿಸಲಾಗುವುದು. ನ್ಯಾಯಾಲಯದ ಆದೇಶದ ಮೇರೆಗೆ, ಶಿರಸ್ತೇದಾರರು. ವಕೀಲರು, ಬೆಂಗಳೂರು.

ನ್ಯಾಯಾಲಯದ ಆದೇಶದಂತೆ ಸಂಬಂಧಪಟ್ಟ ಎದುರುದಾರರಿಗೆ ಈ ಮೂಲಕ ಸೂಚನೆ ನೀಡಲಾಗಿದೆ. ಸದರಿ ದಾವೆಯು ನಿಗದಿತ ದಿನಾಂಕದಂದು ವಿಚಾರಣೆಗೆ ಬರಲಿದ್ದು, ತಾವು ಖುದ್ದಾಗಿ ಅಥವಾ ತಮ್ಮ ವಕೀಲರ ಮೂಲಕ ಹಾಜರಾಗಬೇಕು. ತಪ್ಪಿದಲ್ಲಿ ಏಕಪಕ್ಷೀಯವಾಗಿ ತೀರ್ಮಾನಿಸಲಾಗುವುದು. ನ್ಯಾಯಾಲಯದ ಆದೇಶದ ಮೇರೆಗೆ, ಶಿರಸ್ತೇದಾರರು. ವಕೀಲರು, ಬೆಂಗಳೂರು.

ನ್ಯಾಯಾಲಯದ ಆದೇಶದಂತೆ ಸಂಬಂಧಪಟ್ಟ ಎದುರುದಾರರಿಗೆ ಈ ಮೂಲಕ ಸೂಚನೆ ನೀಡಲಾಗಿದೆ. ಸದರಿ ದಾವೆಯು ನಿಗದಿತ ದಿನಾಂಕದಂದು ವಿಚಾರಣೆಗೆ ಬರಲಿದ್ದು, ತಾವು ಖುದ್ದಾಗಿ ಅಥವಾ ತಮ್ಮ ವಕೀಲರ ಮೂಲಕ ಹಾಜರಾಗಬೇಕು. ತಪ್ಪಿದಲ್ಲಿ ಏಕಪಕ್ಷೀಯವಾಗಿ ತೀರ್ಮಾನಿಸಲಾಗುವುದು. ನ್ಯಾಯಾಲಯದ ಆದೇಶದ ಮೇರೆಗೆ, ಶಿರಸ್ತೇದಾರರು. ವಕೀಲರು, ಬೆಂಗಳೂರು.

ನ್ಯಾಯಾಲಯದ ಆದೇಶದಂತೆ ಸಂಬಂಧಪಟ್ಟ ಎದುರುದಾರರಿಗೆ ಈ ಮೂಲಕ ಸೂಚನೆ ನೀಡಲಾಗಿದೆ. ಸದರಿ ದಾವೆಯು ನಿಗದಿತ ದಿನಾಂಕದಂದು ವಿಚಾರಣೆಗೆ ಬರಲಿದ್ದು, ತಾವು ಖುದ್ದಾಗಿ ಅಥವಾ ತಮ್ಮ ವಕೀಲರ ಮೂಲಕ ಹಾಜರಾಗಬೇಕು. ತಪ್ಪಿದಲ್ಲಿ ಏಕಪಕ್ಷೀಯವಾಗಿ ತೀರ್ಮಾನಿಸಲಾಗುವುದು. ನ್ಯಾಯಾಲಯದ ಆದೇಶದ ಮೇರೆಗೆ, ಶಿರಸ್ತೇದಾರರು. ವಕೀಲರು, ಬೆಂಗಳೂರು.

ನ್ಯಾಯಾಲಯದ ಆದೇಶದಂತೆ ಸಂಬಂಧಪಟ್ಟ ಎದುರುದಾರರಿಗೆ ಈ ಮೂಲಕ ಸೂಚನೆ ನೀಡಲಾಗಿದೆ. ಸದರಿ ದಾವೆಯು ನಿಗದಿತ ದಿನಾಂಕದಂದು ವಿಚಾರಣೆಗೆ ಬರಲಿದ್ದು, ತಾವು ಖುದ್ದಾಗಿ ಅಥವಾ ತಮ್ಮ ವಕೀಲರ ಮೂಲಕ ಹಾಜರಾಗಬೇಕು. ತಪ್ಪಿದಲ್ಲಿ ಏಕಪಕ್ಷೀಯವಾಗಿ ತೀರ್ಮಾನಿಸಲಾಗುವುದು. ನ್ಯಾಯಾಲಯದ ಆದೇಶದ ಮೇರೆಗೆ, ಶಿರಸ್ತೇದಾರರು. ವಕೀಲರು, ಬೆಂಗಳೂರು.

ನ್ಯಾಯಾಲಯದ ಆದೇಶದಂತೆ ಸಂಬಂಧಪಟ್ಟ ಎದುರುದಾರರಿಗೆ ಈ ಮೂಲಕ ಸೂಚನೆ ನೀಡಲಾಗಿದೆ. ಸದರಿ ದಾವೆಯು ನಿಗದಿತ ದಿನಾಂಕದಂದು ವಿಚಾರಣೆಗೆ ಬರಲಿದ್ದು, ತಾವು ಖುದ್ದಾಗಿ ಅಥವಾ ತಮ್ಮ ವಕೀಲರ ಮೂಲಕ ಹಾಜರಾಗಬೇಕು. ತಪ್ಪಿದಲ್ಲಿ ಏಕಪಕ್ಷೀಯವಾಗಿ ತೀರ್ಮಾನಿಸಲಾಗುವುದು. ನ್ಯಾಯಾಲಯದ ಆದೇಶದ ಮೇರೆಗೆ, ಶಿರಸ್ತೇದಾರರು. ವಕೀಲರು, ಬೆಂಗಳೂರು.

IN THE COURT OF THE XV ADDL. CITY CIVIL AND SESSIONS JUDGE AT BENGALURU (CCH-3) O.S. NO. 1044/2024 BETWEEN: Indian Overseas Bank, Kanaka Nagar Branch, 45/1, 8th A Cross, R T Nagar Post, Kanakanagar, Bengaluru-560032 ...PLAINTIFF AND: Chandra Hardware & Another ...DEFENDANTS NOTICE/SUMMONS TO THE DEFENDANTS 1. Chandra Hardware ... 2. Smt. Shanti Devi W/o Paramal ... By order of the Court, Senior Sheristedar, City Civil Court, Bengaluru. Vivek.J, Advocate Invicta Chambers, No. 505, Barton Center, MG Road, Bangalore - 560 001.
PUBLIC NOTICE
Notice is hereby given to the general public that, my client viz. Kalam Pasha.N, son of N.Nazeer, residing at Sarao Mansion, Flat No.401, 4th Floor, 4th Cross, 2nd Right Road, MCECHS Layout, Jakkur Main Road, Dr. Shivarama Karanth Nagar, Bangalore - 560077, he is intended to purchase the below mentioned schedule properties from its owners by names 1) V. Chandrashekar, 2) V. Shekar, 3) V. Mohan Raj ... SCHEDULE PROPERTIES Item No.1 (V.Chandrashekar's property) ... Aruna Kumar. U.L Advocate No.23, 2nd Main, 3rd Cross, Lakshman Nagar, Heggenahalli Cross, Bengaluru - 560 091 Mobile -8105850482
ಸಾರ್ವಜನಿಕ ಪ್ರಕಟಣೆ

ಸಾರ್ವಜನಿಕ ಸೂಚನೆ ಸಹಾಯಕ ಆಯುಕ್ತರ ನ್ಯಾಯಾಲಯ, ಕೋಲಾರ. ಮೇಲ್ಕಂಡ ಪ್ರಕರಣದಲ್ಲಿ ಎದುರುದಾರರಿಗೆ ನೋಟಿಸ್ ಜಾರಿ ಮಾಡಲಾಗಿದ್ದು, ನಿಗದಿತ ದಿನಾಂಕದಂದು ಹಾಜರಾಗಲು ಸೂಚಿಸಲಾಗಿದೆ.

ನ್ಯಾಯಾಲಯದ ಆದೇಶದಂತೆ ಸಂಬಂಧಪಟ್ಟ ಎದುರುದಾರರಿಗೆ ಈ ಮೂಲಕ ಸೂಚನೆ ನೀಡಲಾಗಿದೆ. ಸದರಿ ದಾವೆಯು ನಿಗದಿತ ದಿನಾಂಕದಂದು ವಿಚಾರಣೆಗೆ ಬರಲಿದ್ದು, ತಾವು ಖುದ್ದಾಗಿ ಅಥವಾ ತಮ್ಮ ವಕೀಲರ ಮೂಲಕ ಹಾಜರಾಗಬೇಕು. ತಪ್ಪಿದಲ್ಲಿ ಏಕಪಕ್ಷೀಯವಾಗಿ ತೀರ್ಮಾನಿಸಲಾಗುವುದು. ನ್ಯಾಯಾಲಯದ ಆದೇಶದ ಮೇರೆಗೆ, ಶಿರಸ್ತೇದಾರರು. ವಕೀಲರು, ಬೆಂಗಳೂರು.

ನ್ಯಾಯಾಲಯದ ಆದೇಶದಂತೆ ಸಂಬಂಧಪಟ್ಟ ಎದುರುದಾರರಿಗೆ ಈ ಮೂಲಕ ಸೂಚನೆ ನೀಡಲಾಗಿದೆ. ಸದರಿ ದಾವೆಯು ನಿಗದಿತ ದಿನಾಂಕದಂದು ವಿಚಾರಣೆಗೆ ಬರಲಿದ್ದು, ತಾವು ಖುದ್ದಾಗಿ ಅಥವಾ ತಮ್ಮ ವಕೀಲರ ಮೂಲಕ ಹಾಜರಾಗಬೇಕು. ತಪ್ಪಿದಲ್ಲಿ ಏಕಪಕ್ಷೀಯವಾಗಿ ತೀರ್ಮಾನಿಸಲಾಗುವುದು. ನ್ಯಾಯಾಲಯದ ಆದೇಶದ ಮೇರೆಗೆ, ಶಿರಸ್ತೇದಾರರು. ವಕೀಲರು, ಬೆಂಗಳೂರು.

ನ್ಯಾಯಾಲಯದ ಆದೇಶದಂತೆ ಸಂಬಂಧಪಟ್ಟ ಎದುರುದಾರರಿಗೆ ಈ ಮೂಲಕ ಸೂಚನೆ ನೀಡಲಾಗಿದೆ. ಸದರಿ ದಾವೆಯು ನಿಗದಿತ ದಿನಾಂಕದಂದು ವಿಚಾರಣೆಗೆ ಬರಲಿದ್ದು, ತಾವು ಖುದ್ದಾಗಿ ಅಥವಾ ತಮ್ಮ ವಕೀಲರ ಮೂಲಕ ಹಾಜರಾಗಬೇಕು. ತಪ್ಪಿದಲ್ಲಿ ಏಕಪಕ್ಷೀಯವಾಗಿ ತೀರ್ಮಾನಿಸಲಾಗುವುದು. ನ್ಯಾಯಾಲಯದ ಆದೇಶದ ಮೇರೆಗೆ, ಶಿರಸ್ತೇದಾರರು. ವಕೀಲರು, ಬೆಂಗಳೂರು.

ನ್ಯಾಯಾಲಯದ ಆದೇಶದಂತೆ ಸಂಬಂಧಪಟ್ಟ ಎದುರುದಾರರಿಗೆ ಈ ಮೂಲಕ ಸೂಚನೆ ನೀಡಲಾಗಿದೆ. ಸದರಿ ದಾವೆಯು ನಿಗದಿತ ದಿನಾಂಕದಂದು ವಿಚಾರಣೆಗೆ ಬರಲಿದ್ದು, ತಾವು ಖುದ್ದಾಗಿ ಅಥವಾ ತಮ್ಮ ವಕೀಲರ ಮೂಲಕ ಹಾಜರಾಗಬೇಕು. ತಪ್ಪಿದಲ್ಲಿ ಏಕಪಕ್ಷೀಯವಾಗಿ ತೀರ್ಮಾನಿಸಲಾಗುವುದು. ನ್ಯಾಯಾಲಯದ ಆದೇಶದ ಮೇರೆಗೆ, ಶಿರಸ್ತೇದಾರರು. ವಕೀಲರು, ಬೆಂಗಳೂರು.

ನ್ಯಾಯಾಲಯದ ಆದೇಶದಂತೆ ಸಂಬಂಧಪಟ್ಟ ಎದುರುದಾರರಿಗೆ ಈ ಮೂಲಕ ಸೂಚನೆ ನೀಡಲಾಗಿದೆ. ಸದರಿ ದಾವೆಯು ನಿಗದಿತ ದಿನಾಂಕದಂದು ವಿಚಾರಣೆಗೆ ಬರಲಿದ್ದು, ತಾವು ಖುದ್ದಾಗಿ ಅಥವಾ ತಮ್ಮ ವಕೀಲರ ಮೂಲಕ ಹಾಜರಾಗಬೇಕು. ತಪ್ಪಿದಲ್ಲಿ ಏಕಪಕ್ಷೀಯವಾಗಿ ತೀರ್ಮಾನಿಸಲಾಗುವುದು. ನ್ಯಾಯಾಲಯದ ಆದೇಶದ ಮೇರೆಗೆ, ಶಿರಸ್ತೇದಾರರು. ವಕೀಲರು, ಬೆಂಗಳೂರು.

ಕೃಷಿ ಉತ್ಪನ್ನ ಮಾರುಕಟ್ಟೆ ಸಮಿತಿ, ಜಮಖಂಡಿ
ಸಂಖ್ಯೆ : ಕೃಉಮಾ.ಸ./ಜ/ಆಡಳಿತ/331/2025-26	ದಿನಾಂಕ : 08-09-2025
ಇ-ಪೋರ್ಟಲ್ ಟೆಂಡರ್ ಪ್ರಕಟಣೆ
ಕ್ರ. ಸಂ	ಕಾಮಗಾರಿಯ ಹೆಸರು	ಟೆಂಡರಿನ ಮೊತ್ತ	ಇ.ಎಂ.ಡಿ (ರೂ.ಗಳಲ್ಲಿ)
01	ಕೃಷಿ ಉತ್ಪನ್ನ ಮಾರುಕಟ್ಟೆ ಸಮಿತಿ, ಜಮಖಂಡಿ ಮುಖ್ಯ ಮಾರುಕಟ್ಟೆ ಪ್ರಾಂಗಣದ ಒಳಗೆ ಬರುವ ಬಾಕಿ ಕಾಮಗಾರಿ ನಿರ್ಮಾಣ ಕಾರ್ಯ (2025-26 ನೇ ಸಾಲಿನ ವಾರ್ಷಿಕ ಕ್ರಿಯಾ ಯೋಜನೆ) (ನಾಮನಿರ್ದೇಶನ)	59,81,900=62
(ಜಿ.ಎಸ್.ಟಿ. ಹೊರತುಪಡಿಸಿ)	1,20,000=00
02	ಕೃಷಿ ಉತ್ಪನ್ನ ಮಾರುಕಟ್ಟೆ ಸಮಿತಿ, ಜಮಖಂಡಿ ಪ್ರಾಂಗಣದಲ್ಲಿ ಸುತ್ತಲೂ ಗೋಡೆ ದುರಸ್ತಿ ಕಾಮಗಾರಿ (2025-26 ನೇ ಸಾಲಿನ ವಾರ್ಷಿಕ ಕ್ರಿಯಾ ಯೋಜನೆ)	17,34,865=88
(ಜಿ.ಎಸ್.ಟಿ. ಹೊರತುಪಡಿಸಿ)	43,400=00
03	ಕೃಷಿ ಉತ್ಪನ್ನ ಮಾರುಕಟ್ಟೆ ಸಮಿತಿ, ಜಮಖಂಡಿ ಮುಖ್ಯ ಮಾರುಕಟ್ಟೆ ಪ್ರಾಂಗಣದಲ್ಲಿ ಬೀದಿ ದೀಪಗಳ ನಿರ್ವಹಣೆ ಕಾಮಗಾರಿ (2025-26 ನೇ ಸಾಲಿನ ವಾರ್ಷಿಕ ಕ್ರಿಯಾ ಯೋಜನೆ)	8,39,566=12
(ಜಿ.ಎಸ್.ಟಿ. ಹೊರತುಪಡಿಸಿ)	21,000=00
04	ಕೃಷಿ ಉತ್ಪನ್ನ ಮಾರುಕಟ್ಟೆ ಸಮಿತಿ, ಜಮಖಂಡಿ ಉಪ ಮಾರುಕಟ್ಟೆ ಪ್ರಾಂಗಣದಲ್ಲಿ ಸಿ.ಸಿ. ರಸ್ತೆ ನಿರ್ಮಾಣ ಕಾಮಗಾರಿ (2025-26 ನೇ ಸಾಲಿನ ವಾರ್ಷಿಕ ಕ್ರಿಯಾ ಯೋಜನೆ) (ಪ್ಯಾಕೇಜ್-1)	9,83,091=28
(ಜಿ.ಎಸ್.ಟಿ. ಹೊರತುಪಡಿಸಿ)	12,300=00
05	ಕೃಷಿ ಉತ್ಪನ್ನ ಮಾರುಕಟ್ಟೆ ಸಮಿತಿ, ಜಮಖಂಡಿ ಮುಖ್ಯ ಮಾರುಕಟ್ಟೆ ಪ್ರಾಂಗಣದಲ್ಲಿ ಗೋದಾಮು ನಿರ್ಮಾಣ ಕಾಮಗಾರಿ (2025-26 ನೇ ಸಾಲಿನ ವಾರ್ಷಿಕ ಕ್ರಿಯಾ ಯೋಜನೆ)	75,04,494=00
(ಜಿ.ಎಸ್.ಟಿ. ಹೊರತುಪಡಿಸಿ)	75,100=00
06	ಕೃಷಿ ಉತ್ಪನ್ನ ಮಾರುಕಟ್ಟೆ ಸಮಿತಿ, ಜಮಖಂಡಿ ಮುಖ್ಯ ಮಾರುಕಟ್ಟೆ ಪ್ರಾಂಗಣದಲ್ಲಿ ಆಡಳಿತ ಕಚೇರಿ, ಅತಿಥಿ ಗೃಹ, ಮಾಹಿತಿ ಭವನ, ವರ್ತಕರ ಮಳಿಗೆ ದುರಸ್ತಿ ಕಾಮಗಾರಿ (2025-26 ನೇ ಸಾಲಿನ ವಾರ್ಷಿಕ ಕ್ರಿಯಾ ಯೋಜನೆ)	42,50,859=00
(ಜಿ.ಎಸ್.ಟಿ. ಹೊರತುಪಡಿಸಿ)	42,600=00
ಮೇಲ್ಕಂಡ 2025-26 ನೇ ಸಾಲಿನ ವಾರ್ಷಿಕ ಕ್ರಿಯಾ ಯೋಜನೆಯಲ್ಲಿ ಮಂಜೂರಾದ 06 ಸಂಖ್ಯೆಯ ವಿವಿಧ ಕಾಮಗಾರಿಗಳಿಗೆ ಇ-ಪೋರ್ಟಲ್ (E-Portal) ಮೂಲಕ ಟೆಂಡರ್ ಆಹ್ವಾನಿಸಲಾಗಿದೆ. ಟೆಂಡರ್ ಸಲ್ಲಿಸಲು ಕೊನೆಯ ದಿನಾಂಕ : 03-10-2025 ರ ಸಂಜೆ 5.30 ಗಂಟೆಯ ವರೆಗೆ. ಹೆಚ್ಚಿನ ಮಾಹಿತಿಗಾಗಿ https://kppp.karnataka.gov.in ಅನ್ನು ಸಂಪರ್ಕಿಸಬಹುದು.
ಸಹಿ/- ಕಾರ್ಯದರ್ಶಿ, ಕೃಷಿ ಉ.ಮಾ.ಸ. ಜಮಖಂಡಿ.	ಸಹಿ/- ಆಡಳಿತಾಧಿಕಾರಿಗಳು, ಕೃಷಿ ಉ.ಮಾ.ಸ. ಜಮಖಂಡಿ.
ವಾ.ಸಾ.ಇ/ಬಾಗಲಕೋಟೆ/279/ಮಾಹಿತಿ/2025-26
ಜಿಲ್ಲಾ ಆರೋಗ್ಯ ಮತ್ತು ಕುಟುಂಬ ಕಲ್ಯಾಣಾಧಿಕಾರಿಗಳ ಕಾರ್ಯಾಲಯ, ಕೋಲಾರ
ಕೆ.ಎಸ್. ಸ್ವಾಮಿನಾರಾಯಣ ಅವರಣ, ಬಂಗಾರಪೇಟೆ ರಸ್ತೆ, ಕೋಲಾರ-563102
ಸಂಖ್ಯೆ:ಜಿಆಕುಕ/ಕೋ/ಎಎಸ್/ಟೆಂಡರ್/II/2025-26	ದಿನಾಂಕ:15.09.2025
ಜೆಮ್ ಪೋರ್ಟಲ್ ಟೆಂಡರ್ ಪ್ರಕಟಣೆ
2025-26ನೇ ಸಾಲಿನ ಜಿಲ್ಲಾ ಆರೋಗ್ಯ ಮತ್ತು ಕುಟುಂಬ ಕಲ್ಯಾಣ ಅಧಿಕಾರಿಗಳ ಕಛೇರಿ ವ್ಯಾಪ್ತಿಯ ಎಲ್ಲಾ ಆರೋಗ್ಯ ಕೇಂದ್ರಗಳಿಗೆ ಔಷಧ ಹಾಗೂ ಉಪಕರಣಗಳ ಖರೀದಿಗಾಗಿ ಜೆಮ್ ಪೋರ್ಟಲ್ ಮೂಲಕ ಬಿಡ್‌ಗಳನ್ನು ಆಹ್ವಾನಿಸಲಾಗಿದೆ. ದಿನಾಂಕ: 17.09.2025 ರಿಂದ 01.10.2025 ರವರೆಗೆ ಜೆಮ್ ಪೋರ್ಟಲ್ ವೆಬ್‌ಸೈಟ್ www.gem.gov.in. ರಲ್ಲಿ ಬಿಡ್‌ದಾರರು ಬಿಡ್‌ಗಳನ್ನು ಸಲ್ಲಿಸಬಹುದು. ದಿನಾಂಕ: 03.10.2025 ರಂದು ಬೆಳಿಗ್ಗೆ 11.00 ಗಂಟೆಗೆ ತಾಂತ್ರಿಕ ಬಿಡ್ಡನ್ನು ತೆರೆಯಲಾಗುವುದು.
(1) ಲೆಕ್ಕ ಶೀರ್ಷಿಕೆ: 2210-00-106-0-01(051) ರೂ. 70,000,00/-
(2) ಲೆಕ್ಕ ಶೀರ್ಷಿಕೆ: 2210-00-101-0-23(051) ರೂ. 60,000,00/-
(3) ಲೆಕ್ಕ ಶೀರ್ಷಿಕೆ: 2210-00-103-0-43(051) ರೂ. 50,000,00/-
(4) ಲೆಕ್ಕ ಶೀರ್ಷಿಕೆ: 2210-00-103-0-45(051) ರೂ. 50,000,00/-
(5) ಲೆಕ್ಕ ಶೀರ್ಷಿಕೆ: 2210-00-103-0-26(051) ರೂ. 61,52,000/-
ಸಹಿ/-ಜಿಲ್ಲಾ ಆರೋಗ್ಯ ಮತ್ತು ಕುಟುಂಬ ಕಲ್ಯಾಣ ಅಧಿಕಾರಿಗಳು, ಕೋಲಾರ
ವಾವಾಸಾ/ಕೋಲಾರ/ಆ.ಸಂ.ವ.ಅ/ಹಾ.ನ/277/ಹಿ.ನ.ಗಳಿ/2025-26
